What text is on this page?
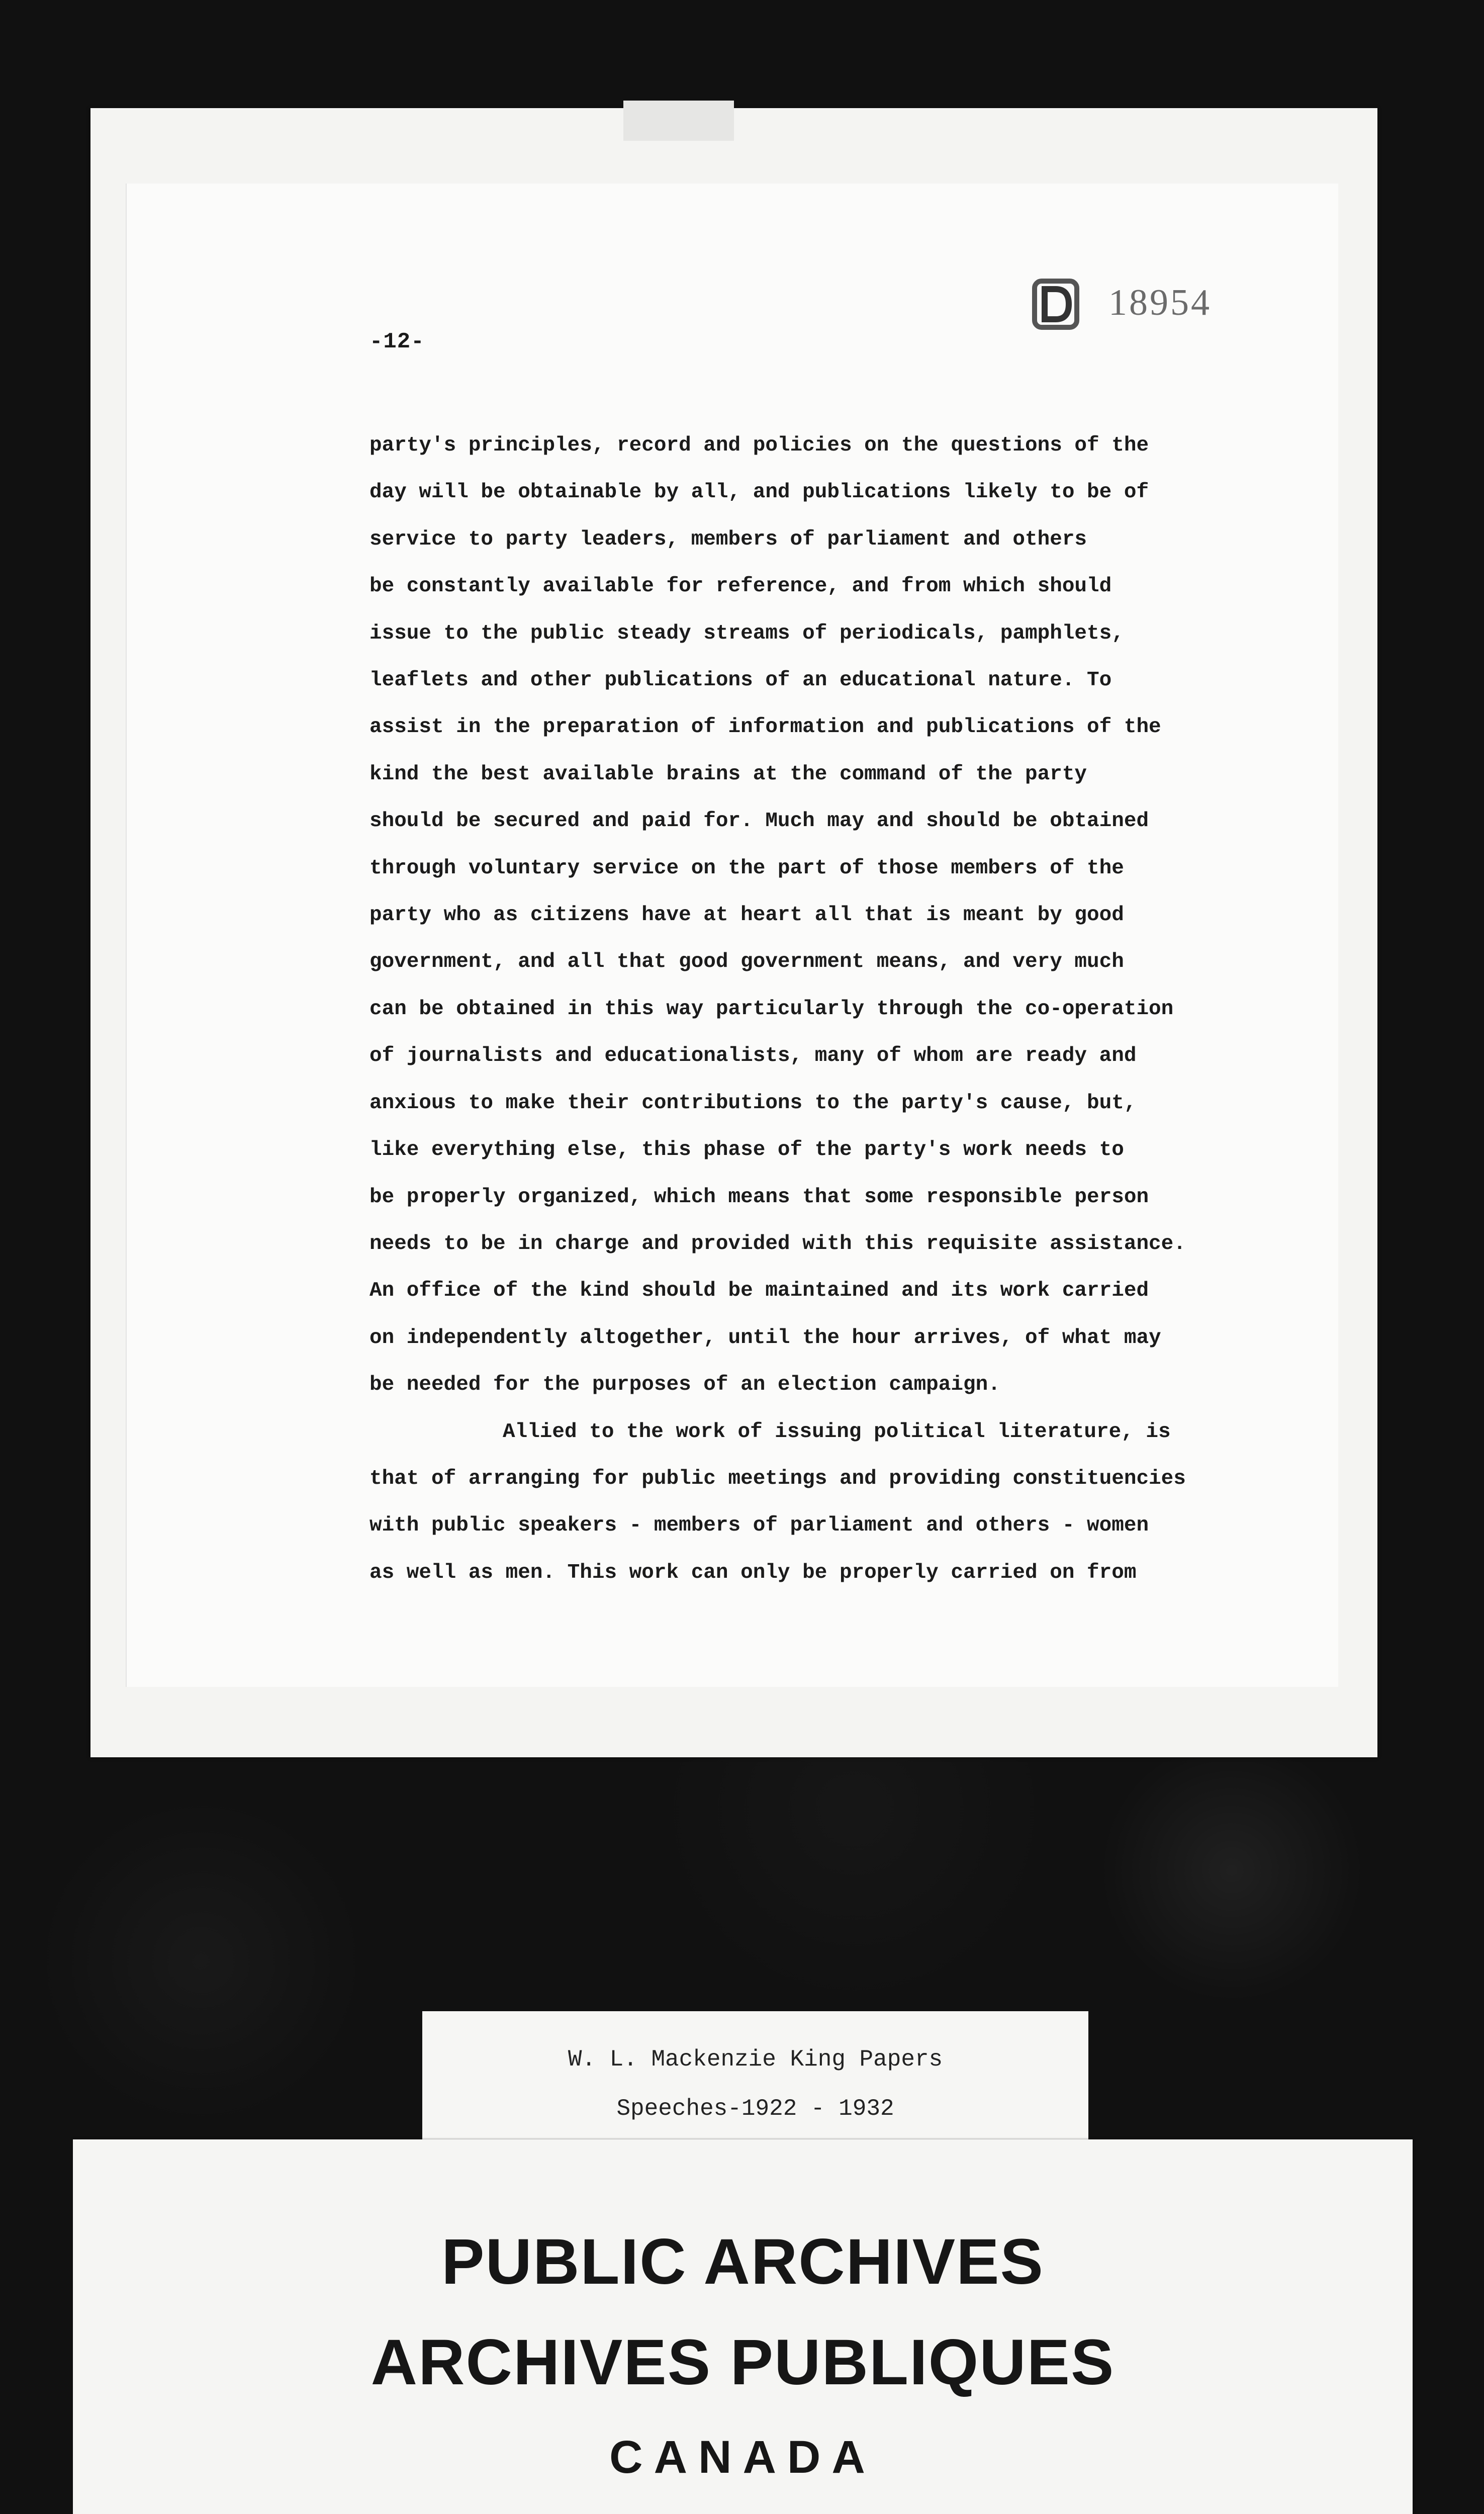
-12-
18954

party's principles, record and policies on the questions of the

day will be obtainable by all, and publications likely to be of

service to party leaders, members of parliament and others

be constantly available for reference, and from which should

issue to the public steady streams of periodicals, pamphlets,

leaflets and other publications of an educational nature. To

assist in the preparation of information and publications of the

kind the best available brains at the command of the party

should be secured and paid for. Much may and should be obtained

through voluntary service on the part of those members of the

party who as citizens have at heart all that is meant by good

government, and all that good government means, and very much

can be obtained in this way particularly through the co-operation

of journalists and educationalists, many of whom are ready and

anxious to make their contributions to the party's cause, but,

like everything else, this phase of the party's work needs to

be properly organized, which means that some responsible person

needs to be in charge and provided with this requisite assistance.

An office of the kind should be maintained and its work carried

on independently altogether, until the hour arrives, of what may

be needed for the purposes of an election campaign.

Allied to the work of issuing political literature, is

that of arranging for public meetings and providing constituencies

with public speakers - members of parliament and others - women

as well as men. This work can only be properly carried on from

W. L. Mackenzie King Papers
Speeches-1922 - 1932
PUBLIC ARCHIVES
ARCHIVES PUBLIQUES
CANADA
